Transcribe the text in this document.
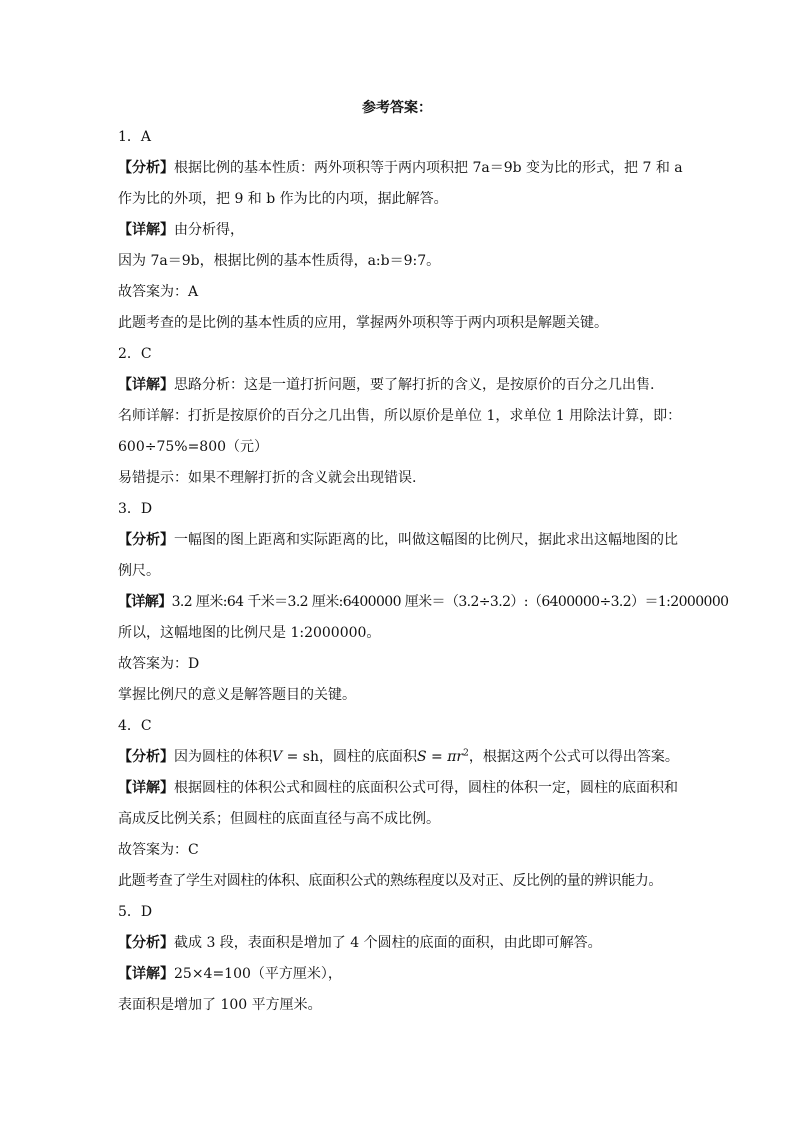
参考答案：
1．A
【分析】根据比例的基本性质：两外项积等于两内项积把 7a＝9b 变为比的形式，把 7 和 a
作为比的外项，把 9 和 b 作为比的内项，据此解答。
【详解】由分析得，
因为 7a＝9b，根据比例的基本性质得，a:b＝9:7。
故答案为：A
此题考查的是比例的基本性质的应用，掌握两外项积等于两内项积是解题关键。
2．C
【详解】思路分析：这是一道打折问题，要了解打折的含义，是按原价的百分之几出售.
名师详解：打折是按原价的百分之几出售，所以原价是单位 1，求单位 1 用除法计算，即：
600÷75%=800（元）
易错提示：如果不理解打折的含义就会出现错误.
3．D
【分析】一幅图的图上距离和实际距离的比，叫做这幅图的比例尺，据此求出这幅地图的比
例尺。
【详解】3.2 厘米:64 千米＝3.2 厘米:6400000 厘米＝（3.2÷3.2）:（6400000÷3.2）＝1:2000000
所以，这幅地图的比例尺是 1:2000000。
故答案为：D
掌握比例尺的意义是解答题目的关键。
4．C
【分析】因为圆柱的体积V = sh，圆柱的底面积$S = \pi r^2$，根据这两个公式可以得出答案。
【详解】根据圆柱的体积公式和圆柱的底面积公式可得，圆柱的体积一定，圆柱的底面积和
高成反比例关系；但圆柱的底面直径与高不成比例。
故答案为：C
此题考查了学生对圆柱的体积、底面积公式的熟练程度以及对正、反比例的量的辨识能力。
5．D
【分析】截成 3 段，表面积是增加了 4 个圆柱的底面的面积，由此即可解答。
【详解】25×4=100（平方厘米），
表面积是增加了 100 平方厘米。
